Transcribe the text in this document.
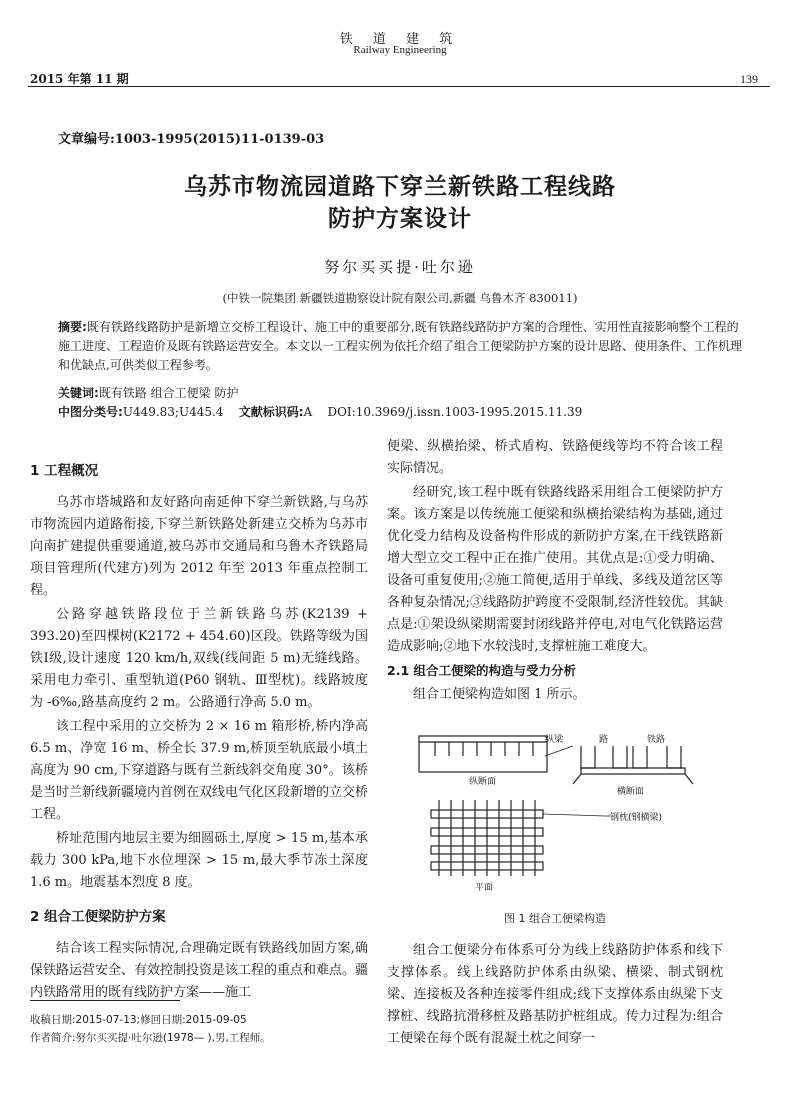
铁 道 建 筑
Railway Engineering
2015 年第 11 期	139
文章编号:1003-1995(2015)11-0139-03
乌苏市物流园道路下穿兰新铁路工程线路
防护方案设计
努尔买买提·吐尔逊
(中铁一院集团 新疆铁道勘察设计院有限公司,新疆 乌鲁木齐 830011)
摘要:既有铁路线路防护是新增立交桥工程设计、施工中的重要部分,既有铁路线路防护方案的合理性、实用性直接影响整个工程的施工进度、工程造价及既有铁路运营安全。本文以一工程实例为依托介绍了组合工便梁防护方案的设计思路、使用条件、工作机理和优缺点,可供类似工程参考。
关键词:既有铁路 组合工便梁 防护
中图分类号:U449.83;U445.4 文献标识码:A DOI:10.3969/j.issn.1003-1995.2015.11.39
1 工程概况

乌苏市塔城路和友好路向南延伸下穿兰新铁路,与乌苏市物流园内道路衔接,下穿兰新铁路处新建立交桥为乌苏市向南扩建提供重要通道,被乌苏市交通局和乌鲁木齐铁路局项目管理所(代建方)列为 2012 年至 2013 年重点控制工程。

公路穿越铁路段位于兰新铁路乌苏(K2139 + 393.20)至四棵树(K2172 + 454.60)区段。铁路等级为国铁Ⅰ级,设计速度 120 km/h,双线(线间距 5 m)无缝线路。采用电力牵引、重型轨道(P60 钢轨、Ⅲ型枕)。线路坡度为 -6‰,路基高度约 2 m。公路通行净高 5.0 m。

该工程中采用的立交桥为 2 × 16 m 箱形桥,桥内净高 6.5 m、净宽 16 m、桥全长 37.9 m,桥顶至轨底最小填土高度为 90 cm,下穿道路与既有兰新线斜交角度 30°。该桥是当时兰新线新疆境内首例在双线电气化区段新增的立交桥工程。

桥址范围内地层主要为细圆砾土,厚度 > 15 m,基本承载力 300 kPa,地下水位埋深 > 15 m,最大季节冻土深度 1.6 m。地震基本烈度 8 度。

2 组合工便梁防护方案

结合该工程实际情况,合理确定既有铁路线加固方案,确保铁路运营安全、有效控制投资是该工程的重点和难点。疆内铁路常用的既有线防护方案——施工

便梁、纵横抬梁、桥式盾构、铁路便线等均不符合该工程实际情况。

经研究,该工程中既有铁路线路采用组合工便梁防护方案。该方案是以传统施工便梁和纵横抬梁结构为基础,通过优化受力结构及设备构件形成的新防护方案,在干线铁路新增大型立交工程中正在推广使用。其优点是:①受力明确、设备可重复使用;②施工简便,适用于单线、多线及道岔区等各种复杂情况;③线路防护跨度不受限制,经济性较优。其缺点是:①架设纵梁期需要封闭线路并停电,对电气化铁路运营造成影响;②地下水较浅时,支撑桩施工难度大。

2.1 组合工便梁的构造与受力分析

组合工便梁构造如图 1 所示。

纵断面
纵梁	路	铁路
横断面
钢枕(钢横梁)
平面
图 1 组合工便梁构造

组合工便梁分布体系可分为线上线路防护体系和线下支撑体系。线上线路防护体系由纵梁、横梁、制式钢枕梁、连接板及各种连接零件组成;线下支撑体系由纵梁下支撑桩、线路抗滑移桩及路基防护桩组成。传力过程为:组合工便梁在每个既有混凝土枕之间穿一

收稿日期:2015-07-13;修回日期:2015-09-05
作者简介:努尔买买提·吐尔逊(1978— ),男,工程师。
